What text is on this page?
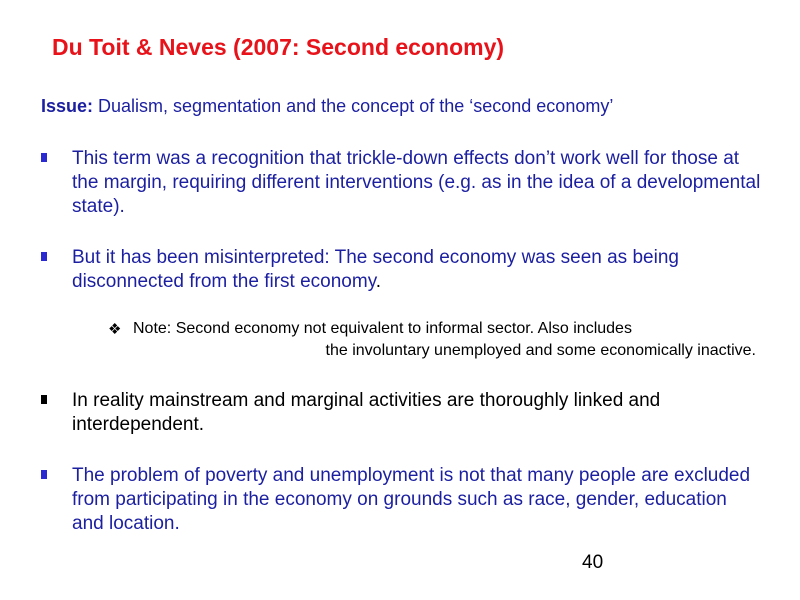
Du Toit & Neves (2007: Second economy)
Issue: Dualism, segmentation and the concept of the ‘second economy’
This term was a recognition that trickle-down effects don’t work well for those at the margin, requiring different interventions (e.g. as in the idea of a developmental state).
But it has been misinterpreted: The second economy was seen as being disconnected from the first economy.
❖ Note: Second economy not equivalent to informal sector. Also includes
the involuntary unemployed and some economically inactive.
In reality mainstream and marginal activities are thoroughly linked and interdependent.
The problem of poverty and unemployment is not that many people are excluded from participating in the economy on grounds such as race, gender, education and location.
40
